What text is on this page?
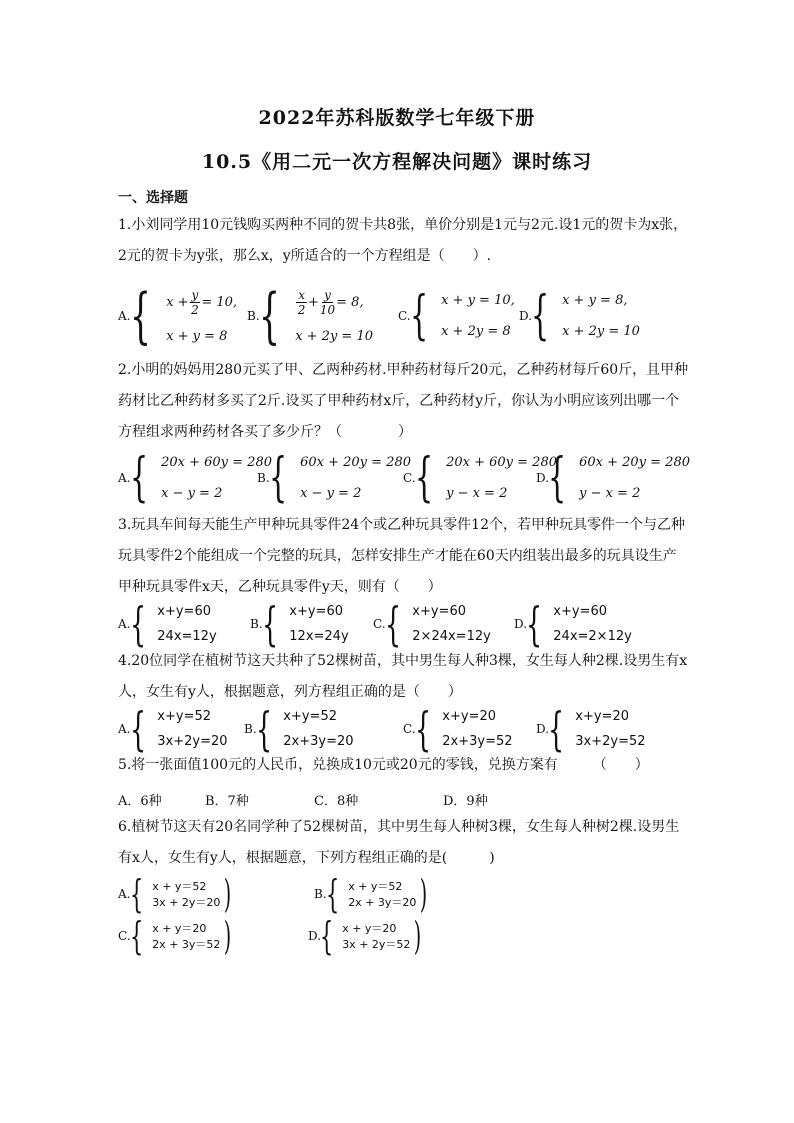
2022年苏科版数学七年级下册
10.5《用二元一次方程解决问题》课时练习
一、选择题
1.小刘同学用10元钱购买两种不同的贺卡共8张，单价分别是1元与2元.设1元的贺卡为x张，2元的贺卡为y张，那么x，y所适合的一个方程组是（　　）.
A. { $x + \frac{y}{2} = 10$,
x + y = 8
B. { $\frac{x}{2} + \frac{y}{10} = 8$,
x + 2y = 10
C. { x + y = 10,
x + 2y = 8
D.
{ x + y = 8,
x + 2y = 10
2.小明的妈妈用280元买了甲、乙两种药材.甲种药材每斤20元，乙种药材每斤60斤，且甲种药材比乙种药材多买了2斤.设买了甲种药材x斤，乙种药材y斤，你认为小明应该列出哪一个方程组求两种药材各买了多少斤？（　　　　）
A. { 20x + 60y = 280
x − y = 2
B. { 60x + 20y = 280
x − y = 2
C. { 20x + 60y = 280
y − x = 2
D.
{ 60x + 20y = 280
y − x = 2
3.玩具车间每天能生产甲种玩具零件24个或乙种玩具零件12个，若甲种玩具零件一个与乙种玩具零件2个能组成一个完整的玩具，怎样安排生产才能在60天内组装出最多的玩具设生产甲种玩具零件x天，乙种玩具零件y天，则有（　　）
A. { x+y=60
24x=12y
B. { x+y=60
12x=24y
C. { x+y=60
2×24x=12y
D.
{ x+y=60
24x=2×12y
4.20位同学在植树节这天共种了52棵树苗，其中男生每人种3棵，女生每人种2棵.设男生有x人，女生有y人，根据题意，列方程组正确的是（　　）
A. { x+y=52
3x+2y=20
B. { x+y=52
2x+3y=20
C. { x+y=20
2x+3y=52
D.
{ x+y=20
3x+2y=52
5.将一张面值100元的人民币，兑换成10元或20元的零钱，兑换方案有　　　（　　）
A．6种	B．7种	C．8种	D．9种
6.植树节这天有20名同学种了52棵树苗，其中男生每人种树3棵，女生每人种树2棵.设男生有x人，女生有y人，根据题意，下列方程组正确的是(　　　)
A. { x + y＝52
3x + 2y＝20 )	B. { x + y＝52
2x + 3y＝20 )
C. { x + y＝20
2x + 3y＝52 )	D.
{ x + y＝20
3x + 2y＝52 )
